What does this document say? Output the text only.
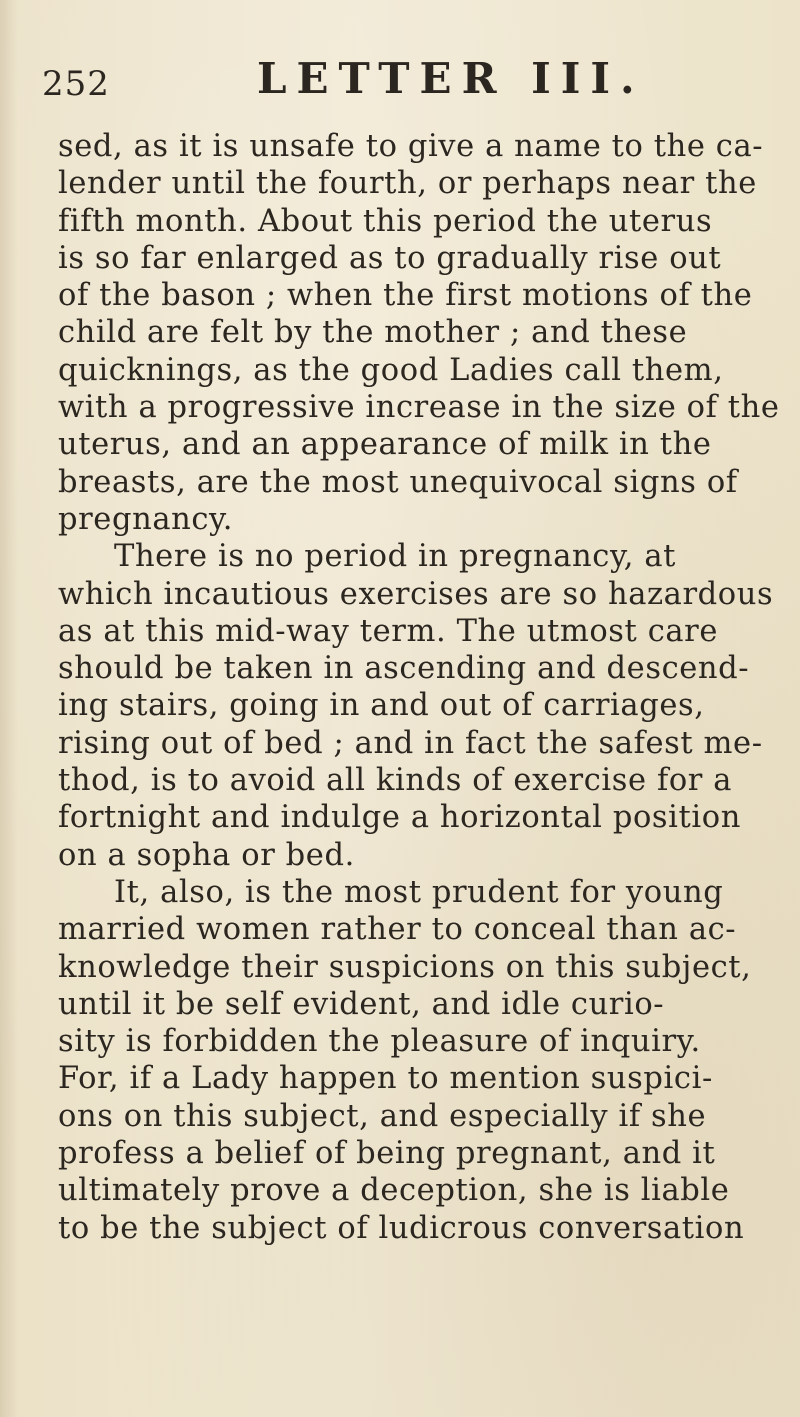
252	LETTER III.
sed, as it is unsafe to give a name to the ca-
lender until the fourth, or perhaps near the
fifth month. About this period the uterus
is so far enlarged as to gradually rise out
of the bason ; when the first motions of the
child are felt by the mother ; and these
quicknings, as the good Ladies call them,
with a progressive increase in the size of the
uterus, and an appearance of milk in the
breasts, are the most unequivocal signs of
pregnancy.
There is no period in pregnancy, at
which incautious exercises are so hazardous
as at this mid-way term. The utmost care
should be taken in ascending and descend-
ing stairs, going in and out of carriages,
rising out of bed ; and in fact the safest me-
thod, is to avoid all kinds of exercise for a
fortnight and indulge a horizontal position
on a sopha or bed.
It, also, is the most prudent for young
married women rather to conceal than ac-
knowledge their suspicions on this subject,
until it be self evident, and idle curio-
sity is forbidden the pleasure of inquiry.
For, if a Lady happen to mention suspici-
ons on this subject, and especially if she
profess a belief of being pregnant, and it
ultimately prove a deception, she is liable
to be the subject of ludicrous conversation
